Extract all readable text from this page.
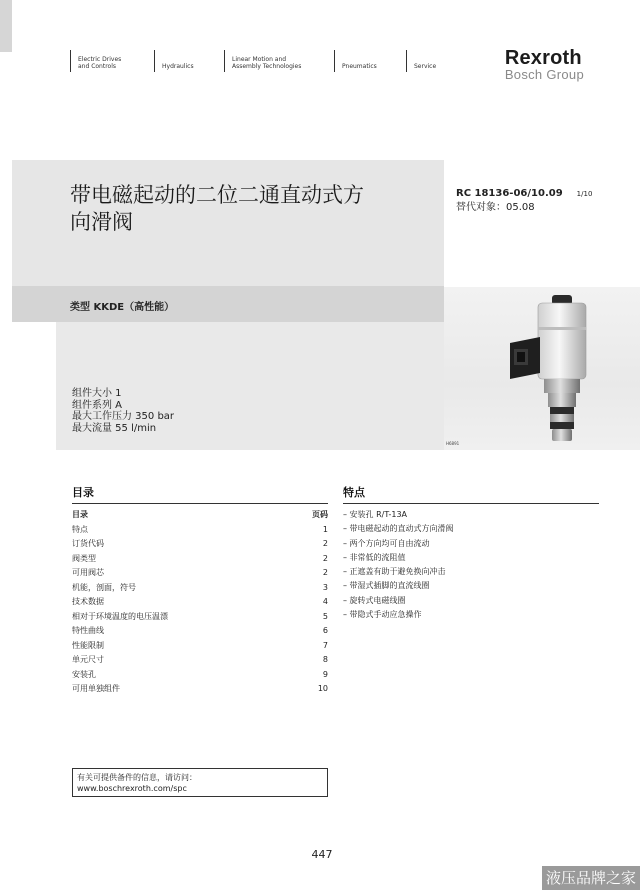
Electric Drives
and Controls	Hydraulics
Linear Motion and
Assembly Technologies	Pneumatics	Service	Rexroth
Bosch Group
带电磁起动的二位二通直动式方向滑阀
类型 KKDE（高性能）
RC 18136-06/10.09 1/10
替代对象：05.08
组件大小 1
组件系列 A
最大工作压力 350 bar
最大流量 55 l/min
H6891
目录	特点
目录	页码
特点	1
订货代码	2
阀类型	2
可用阀芯	2
机能，剖面，符号	3
技术数据	4
相对于环境温度的电压温漂	5
特性曲线	6
性能限制	7
单元尺寸	8
安装孔	9
可用单独组件	10
– 安装孔 R/T-13A
– 带电磁起动的直动式方向滑阀
– 两个方向均可自由流动
– 非常低的流阻值
– 正遮盖有助于避免换向冲击
– 带湿式插脚的直流线圈
– 旋转式电磁线圈
– 带隐式手动应急操作
有关可提供备件的信息，请访问：
www.boschrexroth.com/spc
447
液压品牌之家
